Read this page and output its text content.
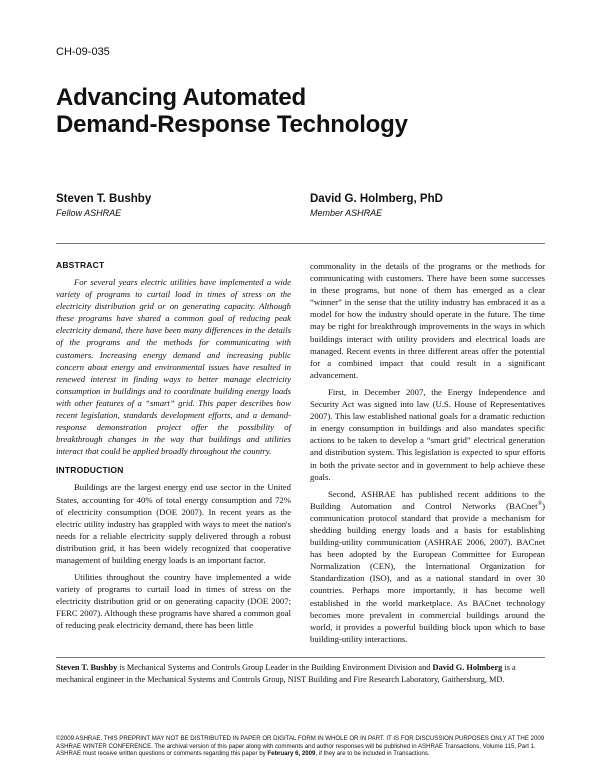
CH-09-035
Advancing Automated
Demand-Response Technology
Steven T. Bushby
Fellow ASHRAE
David G. Holmberg, PhD
Member ASHRAE
ABSTRACT

For several years electric utilities have implemented a wide variety of programs to curtail load in times of stress on the electricity distribution grid or on generating capacity. Although these programs have shared a common goal of reducing peak electricity demand, there have been many differences in the details of the programs and the methods for communicating with customers. Increasing energy demand and increasing public concern about energy and environmental issues have resulted in renewed interest in finding ways to better manage electricity consumption in buildings and to coordinate building energy loads with other features of a “smart” grid. This paper describes how recent legislation, standards development efforts, and a demand-response demonstration project offer the possibility of breakthrough changes in the way that buildings and utilities interact that could be applied broadly throughout the country.

INTRODUCTION

Buildings are the largest energy end use sector in the United States, accounting for 40% of total energy consumption and 72% of electricity consumption (DOE 2007). In recent years as the electric utility industry has grappled with ways to meet the nation's needs for a reliable electricity supply delivered through a robust distribution grid, it has been widely recognized that cooperative management of building energy loads is an important factor.

Utilities throughout the country have implemented a wide variety of programs to curtail load in times of stress on the electricity distribution grid or on generating capacity (DOE 2007; FERC 2007). Although these programs have shared a common goal of reducing peak electricity demand, there has been little

commonality in the details of the programs or the methods for communicating with customers. There have been some successes in these programs, but none of them has emerged as a clear “winner” in the sense that the utility industry has embraced it as a model for how the industry should operate in the future. The time may be right for breakthrough improvements in the ways in which buildings interact with utility providers and electrical loads are managed. Recent events in three different areas offer the potential for a combined impact that could result in a significant advancement.

First, in December 2007, the Energy Independence and Security Act was signed into law (U.S. House of Representatives 2007). This law established national goals for a dramatic reduction in energy consumption in buildings and also mandates specific actions to be taken to develop a “smart grid” electrical generation and distribution system. This legislation is expected to spur efforts in both the private sector and in government to help achieve these goals.

Second, ASHRAE has published recent additions to the Building Automation and Control Networks (BACnet®) communication protocol standard that provide a mechanism for shedding building energy loads and a basis for establishing building-utility communication (ASHRAE 2006, 2007). BACnet has been adopted by the European Committee for European Normalization (CEN), the International Organization for Standardization (ISO), and as a national standard in over 30 countries. Perhaps more importantly, it has become well established in the world marketplace. As BACnet technology becomes more prevalent in commercial buildings around the world, it provides a powerful building block upon which to base building-utility interactions.

Steven T. Bushby is Mechanical Systems and Controls Group Leader in the Building Environment Division and David G. Holmberg is a mechanical engineer in the Mechanical Systems and Controls Group, NIST Building and Fire Research Laboratory, Gaithersburg, MD.
©2009 ASHRAE. THIS PREPRINT MAY NOT BE DISTRIBUTED IN PAPER OR DIGITAL FORM IN WHOLE OR IN PART. IT IS FOR DISCUSSION PURPOSES ONLY AT THE 2009 ASHRAE WINTER CONFERENCE. The archival version of this paper along with comments and author responses will be published in ASHRAE Transactions, Volume 115, Part 1. ASHRAE must receive written questions or comments regarding this paper by February 6, 2009, if they are to be included in Transactions.
